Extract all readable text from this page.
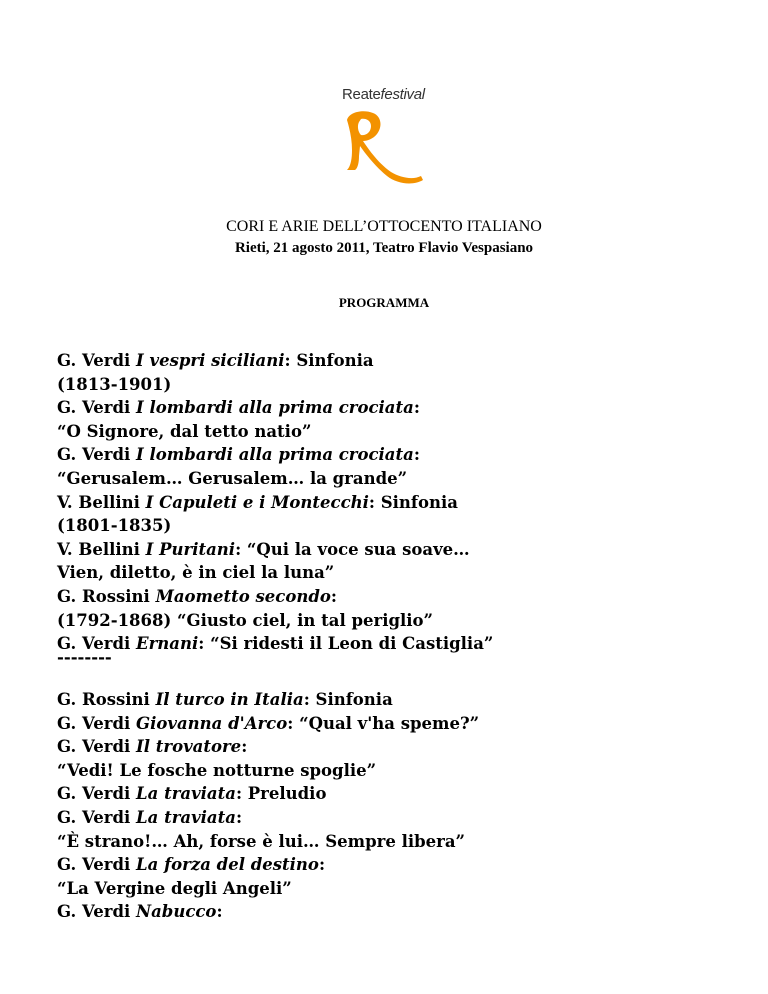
Reatefestival
CORI E ARIE DELL’OTTOCENTO ITALIANO
Rieti, 21 agosto 2011, Teatro Flavio Vespasiano
PROGRAMMA
G. Verdi I vespri siciliani: Sinfonia
(1813-1901)
G. Verdi I lombardi alla prima crociata:
“O Signore, dal tetto natio”
G. Verdi I lombardi alla prima crociata:
“Gerusalem… Gerusalem… la grande”
V. Bellini I Capuleti e i Montecchi: Sinfonia
(1801-1835)
V. Bellini I Puritani: “Qui la voce sua soave…
Vien, diletto, è in ciel la luna”
G. Rossini Maometto secondo:
(1792-1868) “Giusto ciel, in tal periglio”
G. Verdi Ernani: “Si ridesti il Leon di Castiglia”
--------
G. Rossini Il turco in Italia: Sinfonia
G. Verdi Giovanna d'Arco: “Qual v'ha speme?”
G. Verdi Il trovatore:
“Vedi! Le fosche notturne spoglie”
G. Verdi La traviata: Preludio
G. Verdi La traviata:
“È strano!… Ah, forse è lui… Sempre libera”
G. Verdi La forza del destino:
“La Vergine degli Angeli”
G. Verdi Nabucco:
